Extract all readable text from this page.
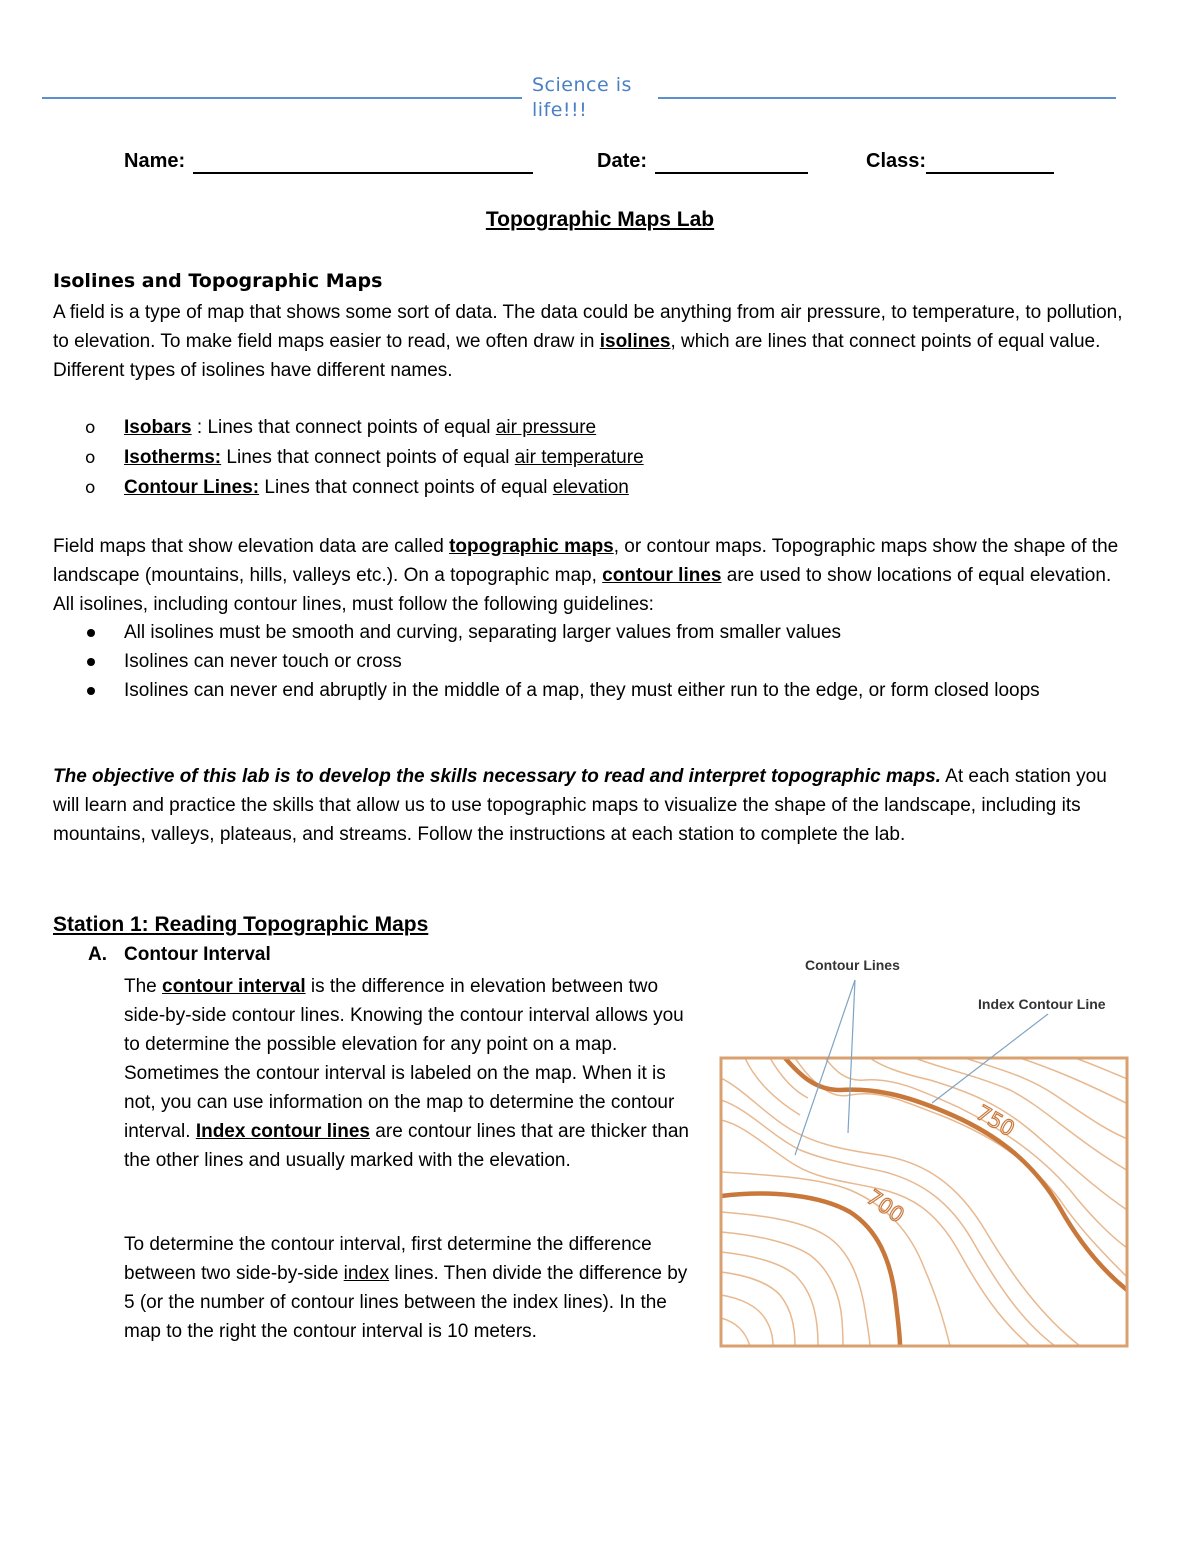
Science is life!!!
Name:	Date:	Class:
Topographic Maps Lab
Isolines and Topographic Maps
A field is a type of map that shows some sort of data. The data could be anything from air pressure, to temperature, to pollution, to elevation. To make field maps easier to read, we often draw in isolines, which are lines that connect points of equal value. Different types of isolines have different names.
o Isobars : Lines that connect points of equal air pressure
o Isotherms: Lines that connect points of equal air temperature
o Contour Lines: Lines that connect points of equal elevation
Field maps that show elevation data are called topographic maps, or contour maps. Topographic maps show the shape of the landscape (mountains, hills, valleys etc.). On a topographic map, contour lines are used to show locations of equal elevation. All isolines, including contour lines, must follow the following guidelines:
All isolines must be smooth and curving, separating larger values from smaller values
Isolines can never touch or cross
Isolines can never end abruptly in the middle of a map, they must either run to the edge, or form closed loops
The objective of this lab is to develop the skills necessary to read and interpret topographic maps. At each station you will learn and practice the skills that allow us to use topographic maps to visualize the shape of the landscape, including its mountains, valleys, plateaus, and streams. Follow the instructions at each station to complete the lab.
Station 1: Reading Topographic Maps
A. Contour Interval
The contour interval is the difference in elevation between two side-by-side contour lines. Knowing the contour interval allows you to determine the possible elevation for any point on a map. Sometimes the contour interval is labeled on the map. When it is not, you can use information on the map to determine the contour interval. Index contour lines are contour lines that are thicker than the other lines and usually marked with the elevation.
To determine the contour interval, first determine the difference between two side-by-side index lines. Then divide the difference by 5 (or the number of contour lines between the index lines). In the map to the right the contour interval is 10 meters.
750
700
Contour Lines
Index Contour Line
